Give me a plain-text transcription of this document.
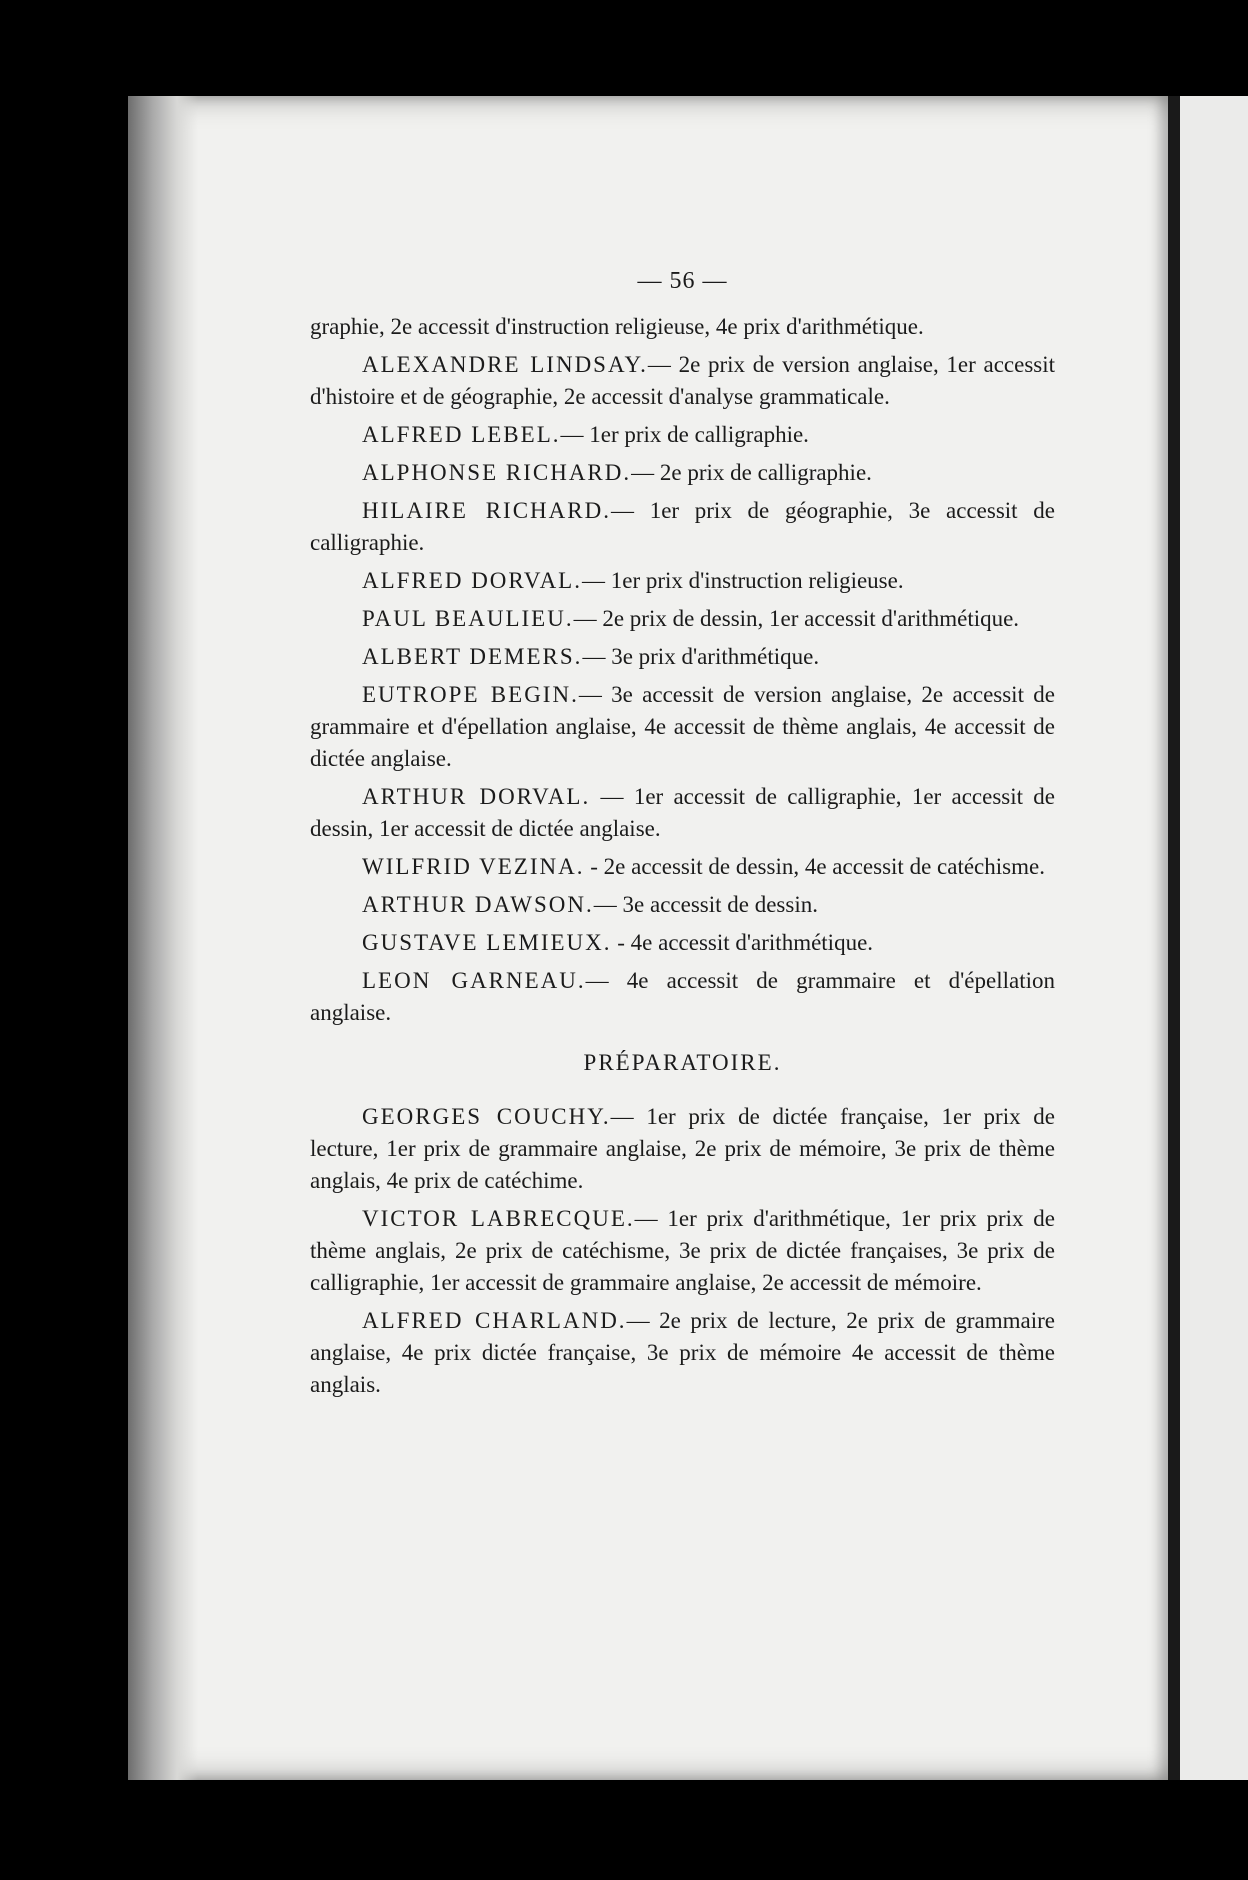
— 56 —

graphie, 2e accessit d'instruction religieuse, 4e prix d'arithmétique.

ALEXANDRE LINDSAY.— 2e prix de version anglaise, 1er accessit d'histoire et de géographie, 2e accessit d'analyse grammaticale.

ALFRED LEBEL.— 1er prix de calligraphie.

ALPHONSE RICHARD.— 2e prix de calligraphie.

HILAIRE RICHARD.— 1er prix de géographie, 3e accessit de calligraphie.

ALFRED DORVAL.— 1er prix d'instruction religieuse.

PAUL BEAULIEU.— 2e prix de dessin, 1er accessit d'arithmétique.

ALBERT DEMERS.— 3e prix d'arithmétique.

EUTROPE BEGIN.— 3e accessit de version anglaise, 2e accessit de grammaire et d'épellation anglaise, 4e accessit de thème anglais, 4e accessit de dictée anglaise.

ARTHUR DORVAL. — 1er accessit de calligraphie, 1er accessit de dessin, 1er accessit de dictée anglaise.

WILFRID VEZINA. - 2e accessit de dessin, 4e accessit de catéchisme.

ARTHUR DAWSON.— 3e accessit de dessin.

GUSTAVE LEMIEUX. - 4e accessit d'arithmétique.

LEON GARNEAU.— 4e accessit de grammaire et d'épellation anglaise.

PRÉPARATOIRE.

GEORGES COUCHY.— 1er prix de dictée française, 1er prix de lecture, 1er prix de grammaire anglaise, 2e prix de mémoire, 3e prix de thème anglais, 4e prix de catéchime.

VICTOR LABRECQUE.— 1er prix d'arithmétique, 1er prix prix de thème anglais, 2e prix de catéchisme, 3e prix de dictée françaises, 3e prix de calligraphie, 1er accessit de grammaire anglaise, 2e accessit de mémoire.

ALFRED CHARLAND.— 2e prix de lecture, 2e prix de grammaire anglaise, 4e prix dictée française, 3e prix de mémoire 4e accessit de thème anglais.
